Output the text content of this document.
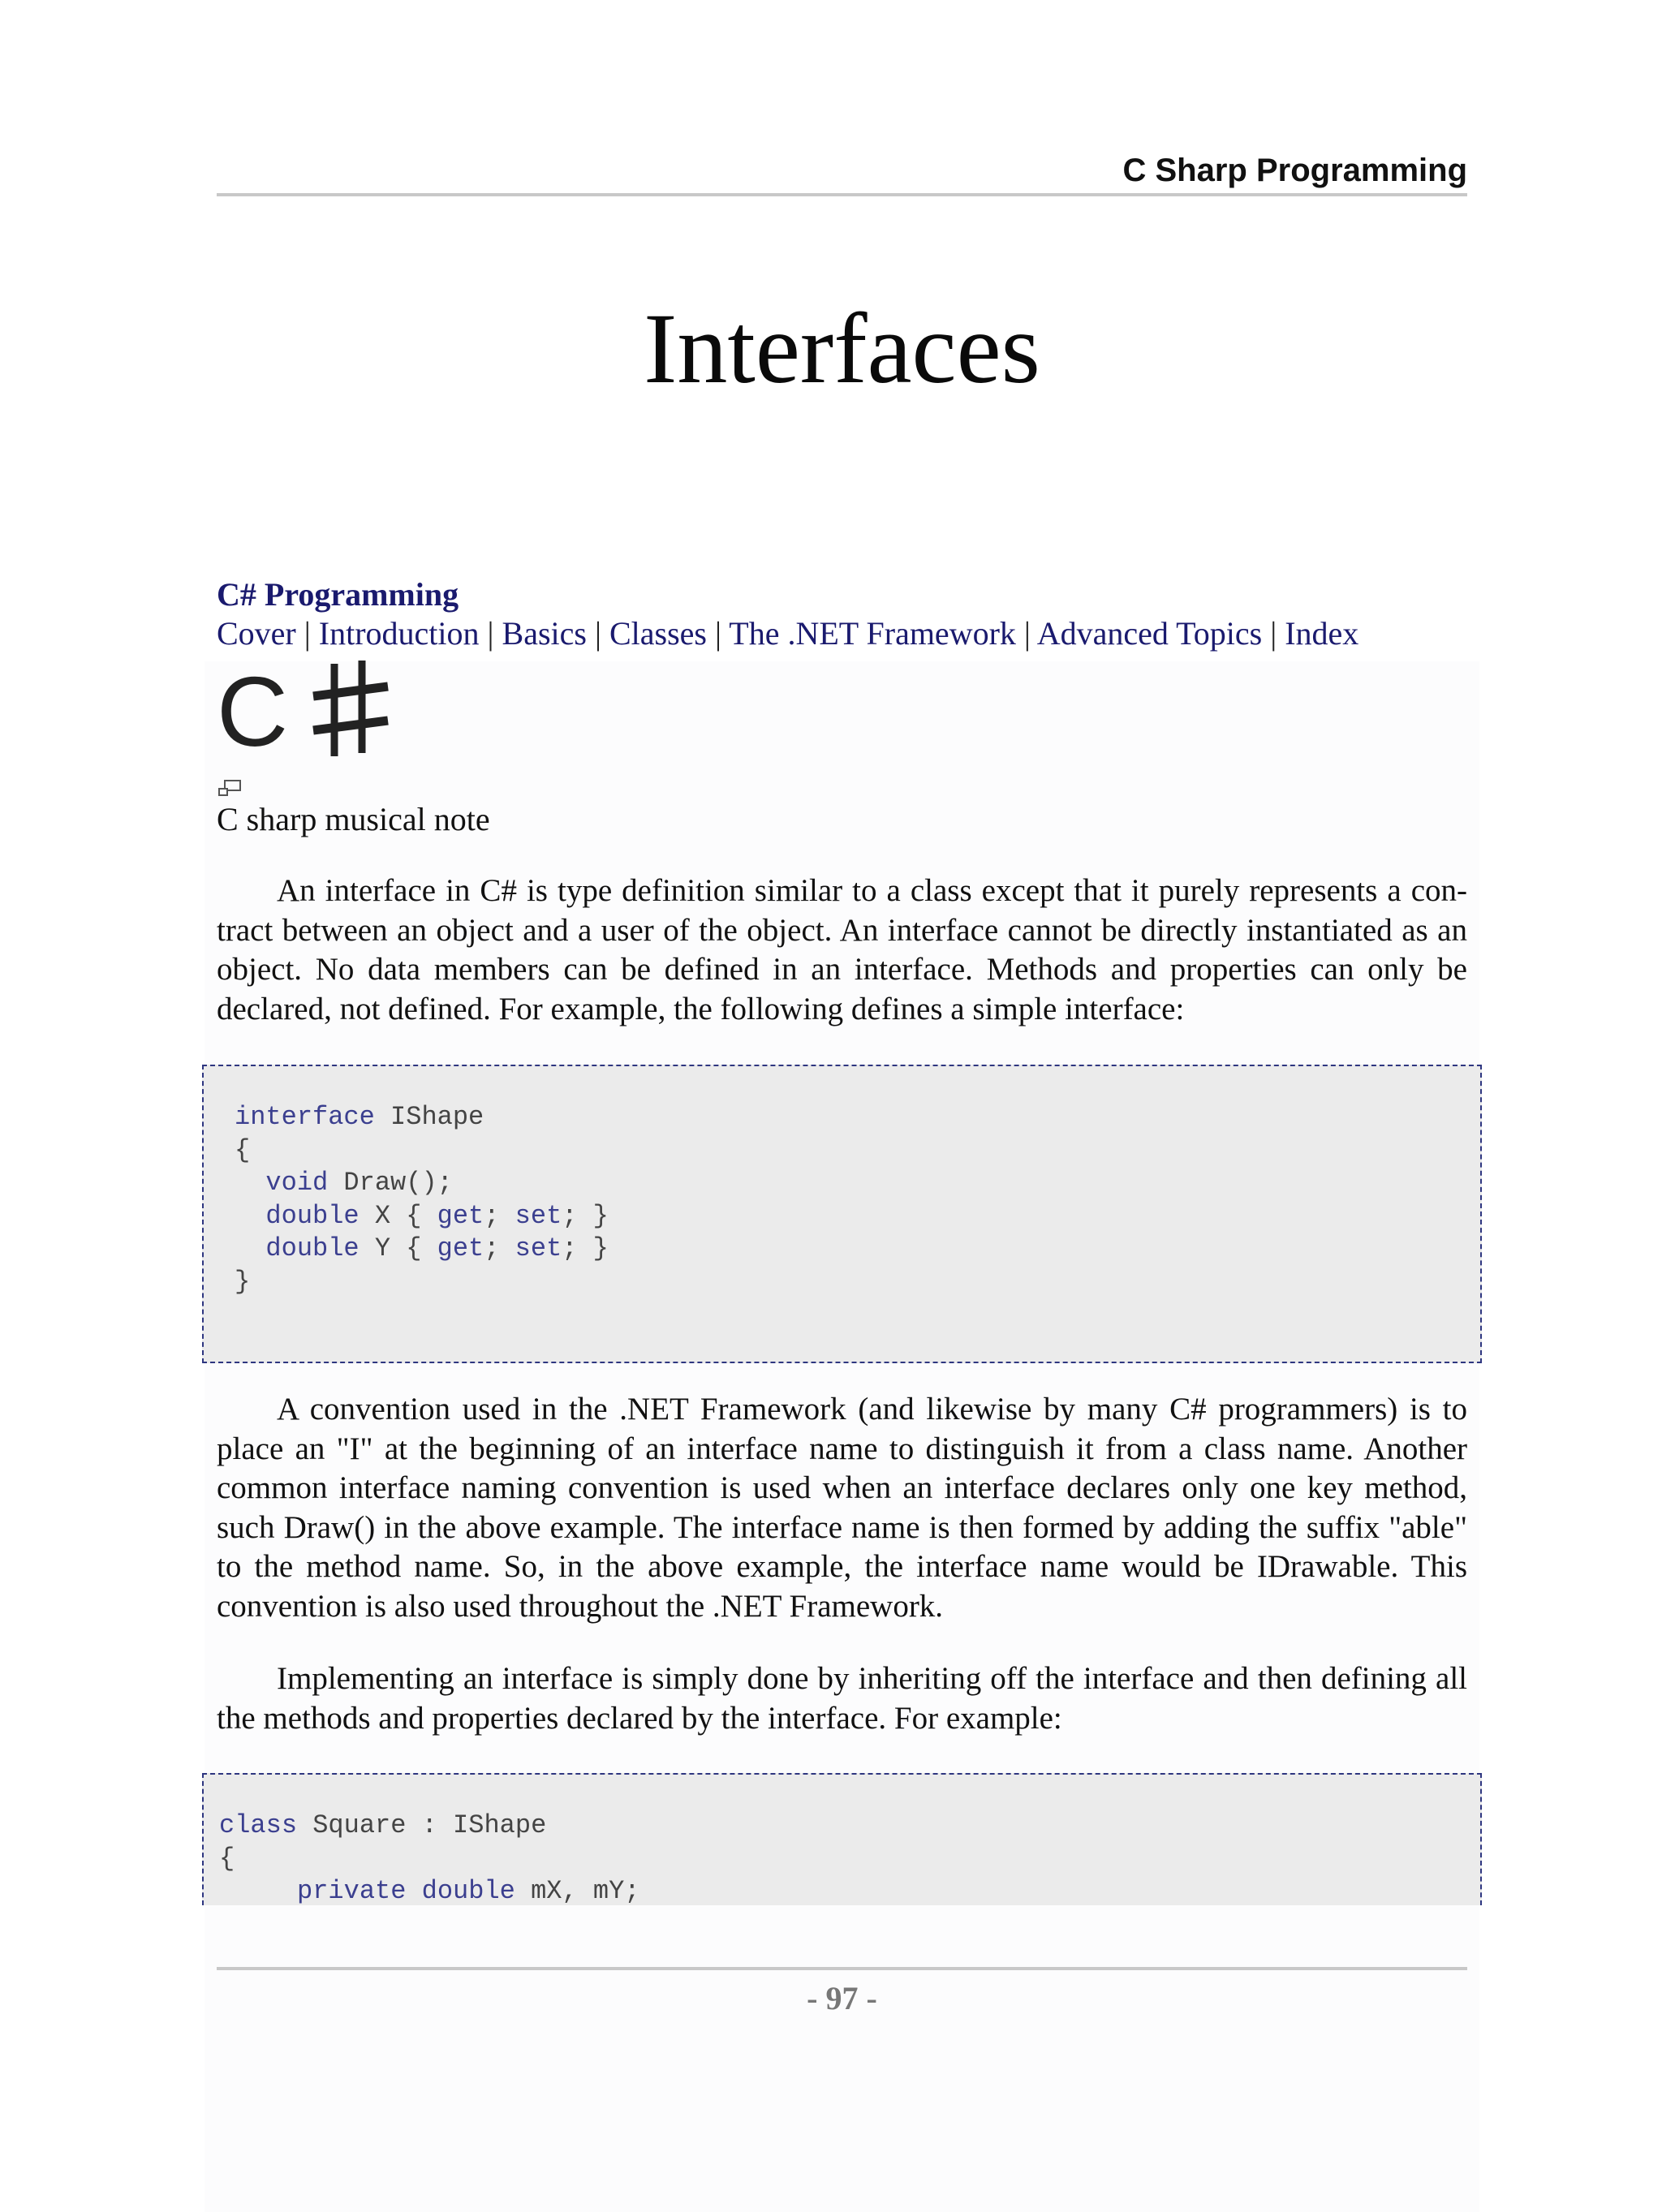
C Sharp Programming
Interfaces
C# Programming
Cover | Introduction | Basics | Classes | The .NET Framework | Advanced Topics | Index
C
C sharp musical note

An interface in C# is type definition similar to a class except that it purely represents a con-tract between an object and a user of the object. An interface cannot be directly instantiated as an object. No data members can be defined in an interface. Methods and properties can only be declared, not defined. For example, the following defines a simple interface:

interface IShape
{
void Draw();
double X { get; set; }
double Y { get; set; }
}

A convention used in the .NET Framework (and likewise by many C# programmers) is to place an "I" at the beginning of an interface name to distinguish it from a class name. Another common interface naming convention is used when an interface declares only one key method, such Draw() in the above example. The interface name is then formed by adding the suffix "able" to the method name. So, in the above example, the interface name would be IDrawable. This convention is also used throughout the .NET Framework.

Implementing an interface is simply done by inheriting off the interface and then defining all the methods and properties declared by the interface. For example:

class Square : IShape
{
private double mX, mY;
- 97 -
